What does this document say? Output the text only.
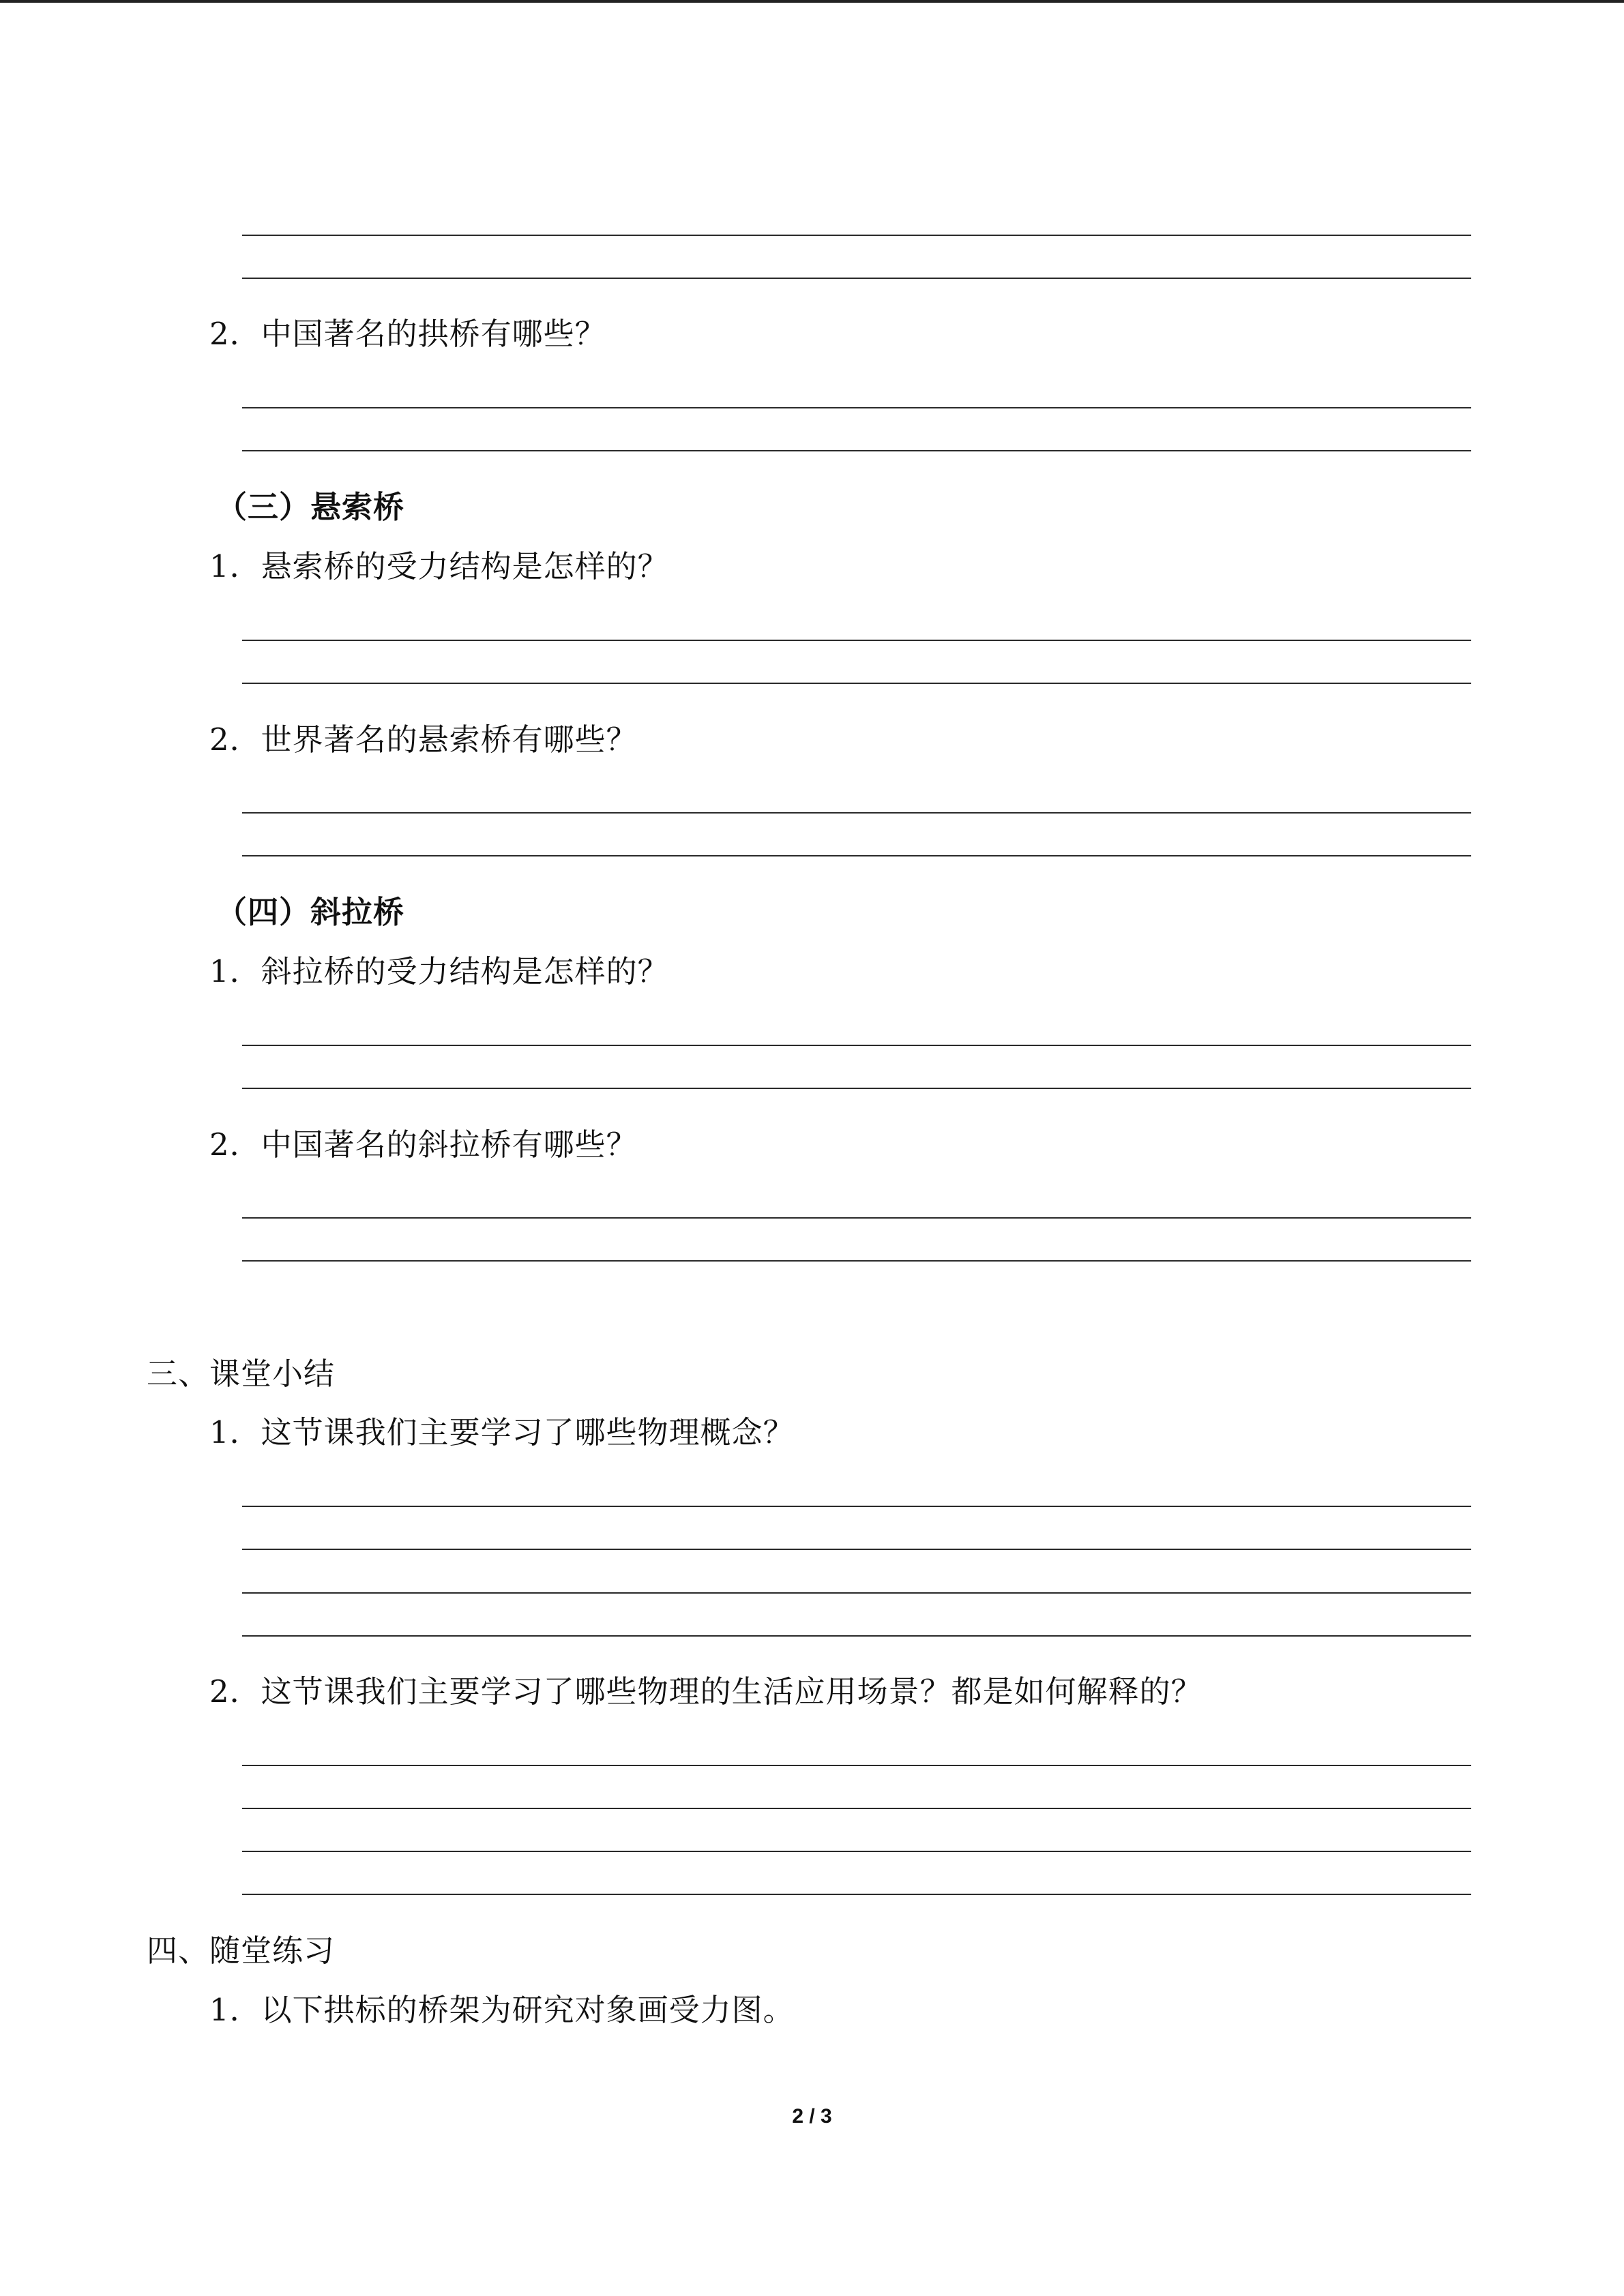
2．中国著名的拱桥有哪些？
（三）悬索桥
1．悬索桥的受力结构是怎样的？
2．世界著名的悬索桥有哪些？
（四）斜拉桥
1．斜拉桥的受力结构是怎样的？
2．中国著名的斜拉桥有哪些？
三、课堂小结
1．这节课我们主要学习了哪些物理概念？
2．这节课我们主要学习了哪些物理的生活应用场景？都是如何解释的？
四、随堂练习
1．以下拱标的桥架为研究对象画受力图。
2 / 3
